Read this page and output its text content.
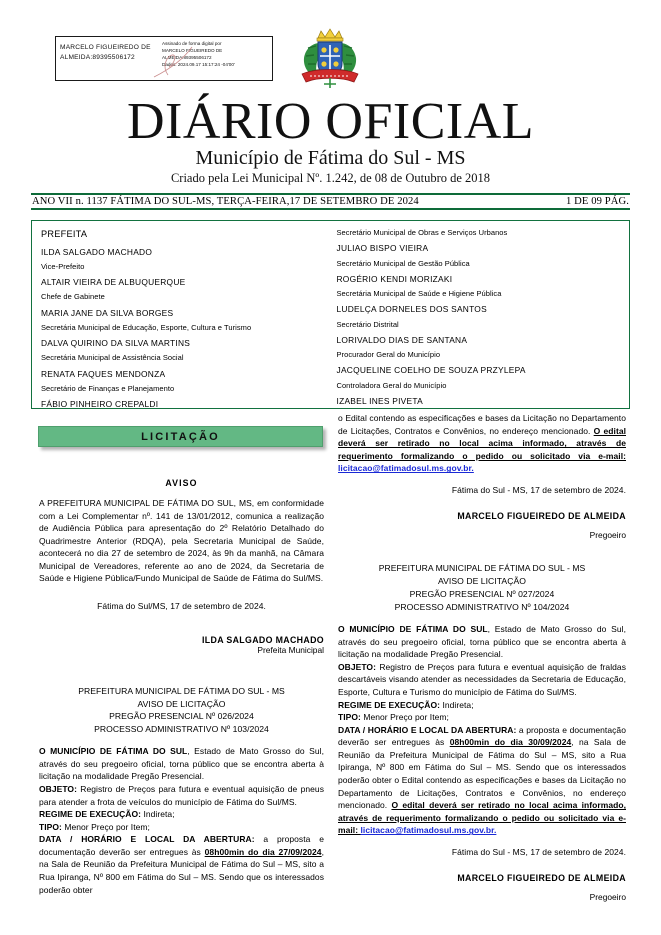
MARCELO FIGUEIREDO DE
ALMEIDA:89395506172
Assinado de forma digital por
MARCELO FIGUEIREDO DE
ALMEIDA:89395506172
Dados: 2024.09.17 15:17:24 -04'00'
DIÁRIO OFICIAL
Município de Fátima do Sul - MS
Criado pela Lei Municipal Nº. 1.242, de 08 de Outubro de 2018
ANO VII n. 1137 FÁTIMA DO SUL-MS, TERÇA-FEIRA,17 DE SETEMBRO DE 2024	1 DE 09 PÁG.
PREFEITA
ILDA SALGADO MACHADO
Vice-Prefeito
ALTAIR VIEIRA DE ALBUQUERQUE
Chefe de Gabinete
MARIA JANE DA SILVA BORGES
Secretária Municipal de Educação, Esporte, Cultura e Turismo
DALVA QUIRINO DA SILVA MARTINS
Secretária Municipal de Assistência Social
RENATA FAQUES MENDONZA
Secretário de Finanças e Planejamento
FÁBIO PINHEIRO CREPALDI
Secretário Municipal de Obras e Serviços Urbanos
JULIAO BISPO VIEIRA
Secretário Municipal de Gestão Pública
ROGÉRIO KENDI MORIZAKI
Secretária Municipal de Saúde e Higiene Pública
LUDELÇA DORNELES DOS SANTOS
Secretário Distrital
LORIVALDO DIAS DE SANTANA
Procurador Geral do Município
JACQUELINE COELHO DE SOUZA PRZYLEPA
Controladora Geral do Município
IZABEL INES PIVETA
LICITAÇÃO
AVISO

A PREFEITURA MUNICIPAL DE FÁTIMA DO SUL, MS, em conformidade com a Lei Complementar nº. 141 de 13/01/2012, comunica a realização de Audiência Pública para apresentação do 2º Relatório Detalhado do Quadrimestre Anterior (RDQA), pela Secretaria Municipal de Saúde, acontecerá no dia 27 de setembro de 2024, às 9h da manhã, na Câmara Municipal de Vereadores, referente ao ano de 2024, da Secretaria de Saúde e Higiene Pública/Fundo Municipal de Saúde de Fátima do Sul/MS.

Fátima do Sul/MS, 17 de setembro de 2024.

ILDA SALGADO MACHADO

Prefeita Municipal

PREFEITURA MUNICIPAL DE FÁTIMA DO SUL - MS
AVISO DE LICITAÇÃO
PREGÃO PRESENCIAL Nº 026/2024
PROCESSO ADMINISTRATIVO Nº 103/2024

O MUNICÍPIO DE FÁTIMA DO SUL, Estado de Mato Grosso do Sul, através do seu pregoeiro oficial, torna público que se encontra aberta à licitação na modalidade Pregão Presencial.

OBJETO: Registro de Preços para futura e eventual aquisição de pneus para atender a frota de veículos do município de Fátima do Sul/MS.

REGIME DE EXECUÇÃO: Indireta;

TIPO: Menor Preço por Item;

DATA / HORÁRIO E LOCAL DA ABERTURA: a proposta e documentação deverão ser entregues às 08h00min do dia 27/09/2024, na Sala de Reunião da Prefeitura Municipal de Fátima do Sul – MS, sito a Rua Ipiranga, Nº 800 em Fátima do Sul – MS. Sendo que os interessados poderão obter

o Edital contendo as especificações e bases da Licitação no Departamento de Licitações, Contratos e Convênios, no endereço mencionado. O edital deverá ser retirado no local acima informado, através de requerimento formalizando o pedido ou solicitado via e-mail: licitacao@fatimadosul.ms.gov.br.

Fátima do Sul - MS, 17 de setembro de 2024.

MARCELO FIGUEIREDO DE ALMEIDA

Pregoeiro

PREFEITURA MUNICIPAL DE FÁTIMA DO SUL - MS
AVISO DE LICITAÇÃO
PREGÃO PRESENCIAL Nº 027/2024
PROCESSO ADMINISTRATIVO Nº 104/2024

O MUNICÍPIO DE FÁTIMA DO SUL, Estado de Mato Grosso do Sul, através do seu pregoeiro oficial, torna público que se encontra aberta à licitação na modalidade Pregão Presencial.

OBJETO: Registro de Preços para futura e eventual aquisição de fraldas descartáveis visando atender as necessidades da Secretaria de Educação, Esporte, Cultura e Turismo do município de Fátima do Sul/MS.

REGIME DE EXECUÇÃO: Indireta;

TIPO: Menor Preço por Item;

DATA / HORÁRIO E LOCAL DA ABERTURA: a proposta e documentação deverão ser entregues às 08h00min do dia 30/09/2024, na Sala de Reunião da Prefeitura Municipal de Fátima do Sul – MS, sito a Rua Ipiranga, Nº 800 em Fátima do Sul – MS. Sendo que os interessados poderão obter o Edital contendo as especificações e bases da Licitação no Departamento de Licitações, Contratos e Convênios, no endereço mencionado. O edital deverá ser retirado no local acima informado, através de requerimento formalizando o pedido ou solicitado via e-mail: licitacao@fatimadosul.ms.gov.br.

Fátima do Sul - MS, 17 de setembro de 2024.

MARCELO FIGUEIREDO DE ALMEIDA

Pregoeiro
